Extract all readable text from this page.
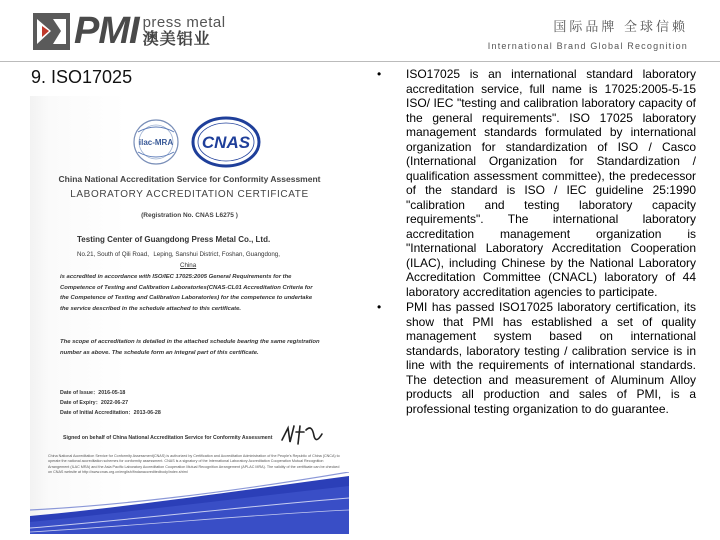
PMI press metal
澳美铝业
国际品牌 全球信赖
International Brand Global Recognition
9. ISO17025
ilac-MRA CNAS
China National Accreditation Service for Conformity Assessment
LABORATORY ACCREDITATION CERTIFICATE
(Registration No. CNAS L6275 )
Testing Center of Guangdong Press Metal Co., Ltd.
No.21, South of Qili Road、Leping, Sanshui District, Foshan, Guangdong,
China
is accredited in accordance with ISO/IEC 17025:2005 General Requirements for the Competence of Testing and Calibration Laboratories(CNAS-CL01 Accreditation Criteria for the Competence of Testing and Calibration Laboratories) for the competence to undertake the service described in the schedule attached to this certificate.
The scope of accreditation is detailed in the attached schedule bearing the same registration number as above. The schedule form an integral part of this certificate.
Date of Issue：2016-05-18
Date of Expiry：2022-06-27
Date of Initial Accreditation：2013-06-28
Signed on behalf of China National Accreditation Service for Conformity Assessment
China National Accreditation Service for Conformity Assessment(CNAS) is authorized by Certification and Accreditation Administration of the People's Republic of China (CNCA) to operate the national accreditation schemes for conformity assessment. CNAS is a signatory of the International Laboratory Accreditation Cooperation Mutual Recognition Arrangement (ILAC MRA) and the Asia Pacific Laboratory Accreditation Cooperation Mutual Recognition Arrangement (APLAC MRA). The validity of the certificate can be checked on CNAS website at http://www.cnas.org.cn/english/findanaccreditedbody/index.shtml
•	ISO17025 is an international standard laboratory accreditation service, full name is 17025:2005-5-15 ISO/ IEC "testing and calibration laboratory capacity of the general requirements". ISO 17025 laboratory management standards formulated by international organization for standardization of ISO / Casco (International Organization for Standardization / qualification assessment committee), the predecessor of the standard is ISO / IEC guideline 25:1990 "calibration and testing laboratory capacity requirements". The international laboratory accreditation management organization is "International Laboratory Accreditation Cooperation (ILAC), including Chinese by the National Laboratory Accreditation Committee (CNACL) laboratory of 44 laboratory accreditation agencies to participate.
•	PMI has passed ISO17025 laboratory certification, its show that PMI has established a set of quality management system based on international standards, laboratory testing / calibration service is in line with the requirements of international standards. The detection and measurement of Aluminum Alloy products all production and sales of PMI, is a professional testing organization to do guarantee.
